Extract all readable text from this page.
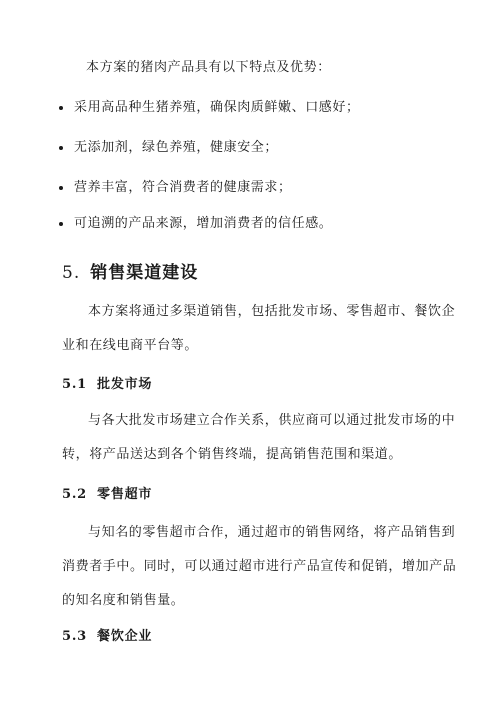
本方案的猪肉产品具有以下特点及优势：
采用高品种生猪养殖，确保肉质鲜嫩、口感好；
无添加剂，绿色养殖，健康安全；
营养丰富，符合消费者的健康需求；
可追溯的产品来源，增加消费者的信任感。
5. 销售渠道建设
本方案将通过多渠道销售，包括批发市场、零售超市、餐饮企
业和在线电商平台等。
5.1 批发市场
与各大批发市场建立合作关系，供应商可以通过批发市场的中
转，将产品送达到各个销售终端，提高销售范围和渠道。
5.2 零售超市
与知名的零售超市合作，通过超市的销售网络，将产品销售到
消费者手中。同时，可以通过超市进行产品宣传和促销，增加产品
的知名度和销售量。
5.3 餐饮企业
